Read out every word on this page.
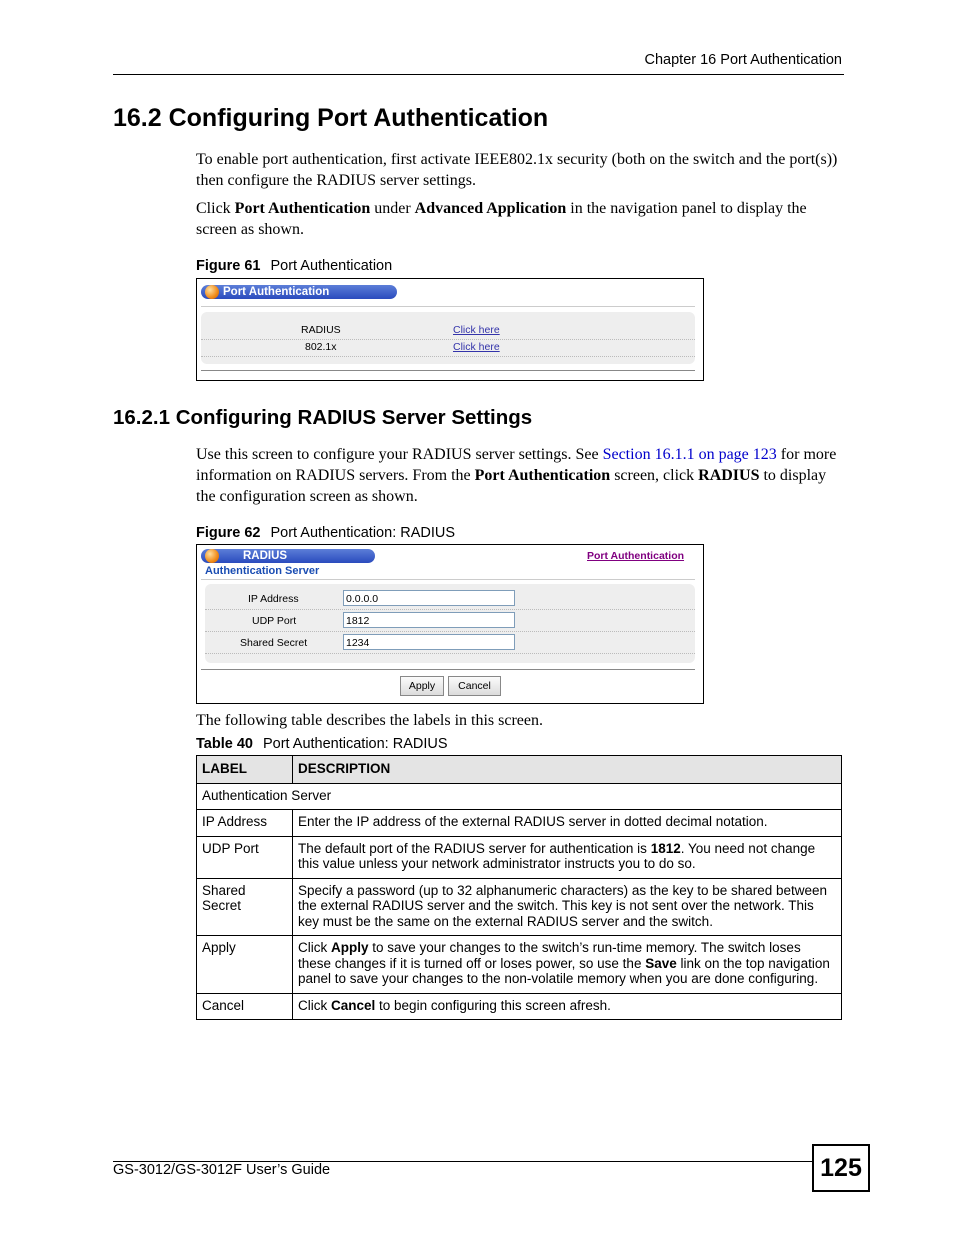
Chapter 16 Port Authentication
16.2 Configuring Port Authentication
To enable port authentication, first activate IEEE802.1x security (both on the switch and the port(s)) then configure the RADIUS server settings.
Click Port Authentication under Advanced Application in the navigation panel to display the screen as shown.
Figure 61 Port Authentication
Port Authentication
RADIUS	Click here
802.1x	Click here
16.2.1 Configuring RADIUS Server Settings
Use this screen to configure your RADIUS server settings. See Section 16.1.1 on page 123 for more information on RADIUS servers. From the Port Authentication screen, click RADIUS to display the configuration screen as shown.
Figure 62 Port Authentication: RADIUS
RADIUS	Port Authentication
Authentication Server
IP Address	0.0.0.0
UDP Port	1812
Shared Secret	1234
Apply	Cancel
The following table describes the labels in this screen.
Table 40 Port Authentication: RADIUS
LABEL	DESCRIPTION
Authentication Server	
IP Address	Enter the IP address of the external RADIUS server in dotted decimal notation.
UDP Port	The default port of the RADIUS server for authentication is 1812. You need not change this value unless your network administrator instructs you to do so.
Shared Secret	Specify a password (up to 32 alphanumeric characters) as the key to be shared between the external RADIUS server and the switch. This key is not sent over the network. This key must be the same on the external RADIUS server and the switch.
Apply	Click Apply to save your changes to the switch’s run-time memory. The switch loses these changes if it is turned off or loses power, so use the Save link on the top navigation panel to save your changes to the non-volatile memory when you are done configuring.
Cancel	Click Cancel to begin configuring this screen afresh.
GS-3012/GS-3012F User’s Guide	125
